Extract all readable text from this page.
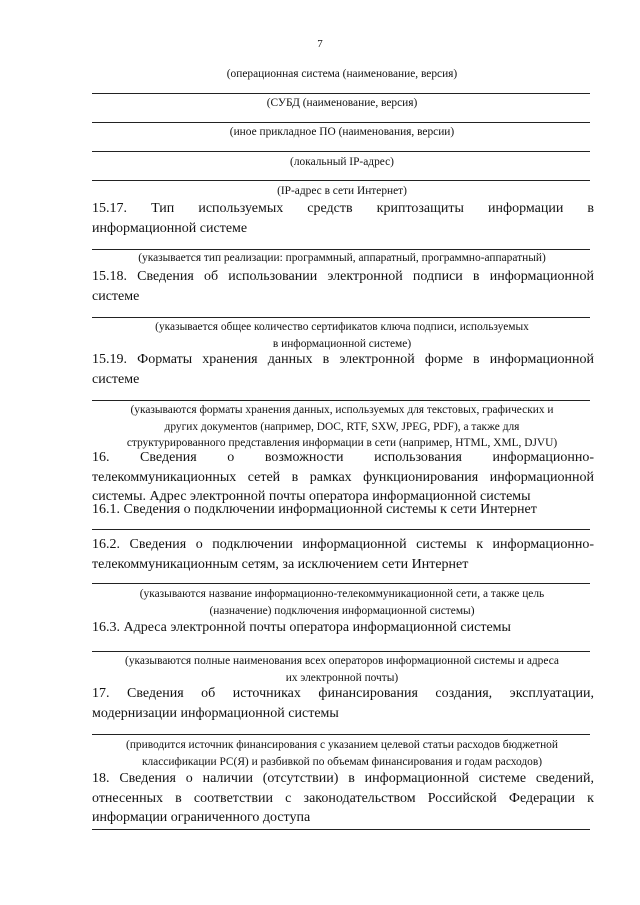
7
(операционная система (наименование, версия)
(СУБД (наименование, версия)
(иное прикладное ПО (наименования, версии)
(локальный IP-адрес)
(IP-адрес в сети Интернет)
15.17. Тип используемых средств криптозащиты информации в
информационной системе
(указывается тип реализации: программный, аппаратный, программно-аппаратный)
15.18. Сведения об использовании электронной подписи в информационной
системе
(указывается общее количество сертификатов ключа подписи, используемых
в информационной системе)
15.19. Форматы хранения данных в электронной форме в информационной
системе
(указываются форматы хранения данных, используемых для текстовых, графических и
других документов (например, DOC, RTF, SXW, JPEG, PDF), а также для
структурированного представления информации в сети (например, HTML, XML, DJVU)
16. Сведения о возможности использования информационно-
телекоммуникационных сетей в рамках функционирования информационной
системы. Адрес электронной почты оператора информационной системы
16.1. Сведения о подключении информационной системы к сети Интернет
16.2. Сведения о подключении информационной системы к информационно-
телекоммуникационным сетям, за исключением сети Интернет
(указываются название информационно-телекоммуникационной сети, а также цель
(назначение) подключения информационной системы)
16.3. Адреса электронной почты оператора информационной системы
(указываются полные наименования всех операторов информационной системы и адреса
их электронной почты)
17. Сведения об источниках финансирования создания, эксплуатации,
модернизации информационной системы
(приводится источник финансирования с указанием целевой статьи расходов бюджетной
классификации РС(Я) и разбивкой по объемам финансирования и годам расходов)
18. Сведения о наличии (отсутствии) в информационной системе сведений,
отнесенных в соответствии с законодательством Российской Федерации к
информации ограниченного доступа
